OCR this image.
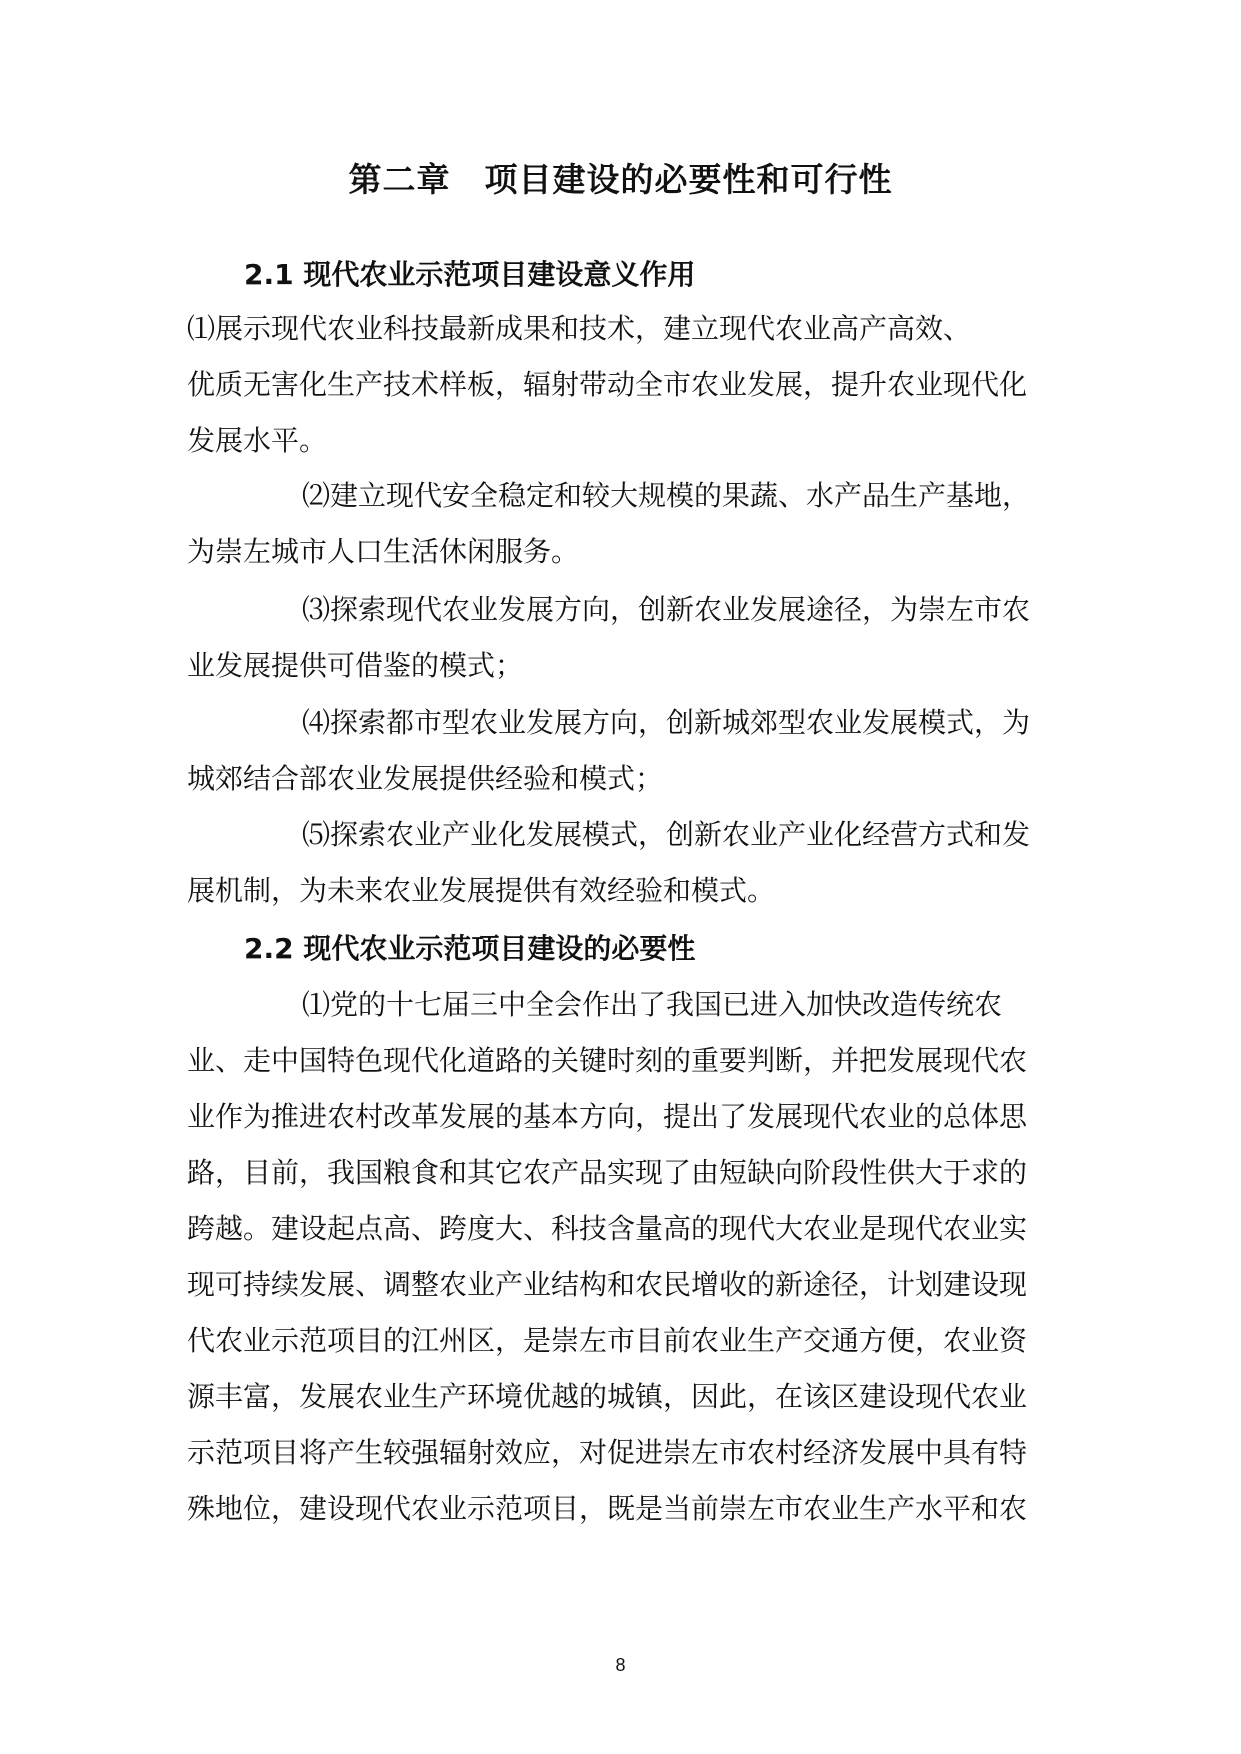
第二章　项目建设的必要性和可行性
2.1 现代农业示范项目建设意义作用

⑴展示现代农业科技最新成果和技术，建立现代农业高产高效、

优质无害化生产技术样板，辐射带动全市农业发展，提升农业现代化

发展水平。

⑵建立现代安全稳定和较大规模的果蔬、水产品生产基地，

为崇左城市人口生活休闲服务。

⑶探索现代农业发展方向，创新农业发展途径，为崇左市农

业发展提供可借鉴的模式；

⑷探索都市型农业发展方向，创新城郊型农业发展模式，为

城郊结合部农业发展提供经验和模式；

⑸探索农业产业化发展模式，创新农业产业化经营方式和发

展机制，为未来农业发展提供有效经验和模式。

2.2 现代农业示范项目建设的必要性

⑴党的十七届三中全会作出了我国已进入加快改造传统农

业、走中国特色现代化道路的关键时刻的重要判断，并把发展现代农

业作为推进农村改革发展的基本方向，提出了发展现代农业的总体思

路，目前，我国粮食和其它农产品实现了由短缺向阶段性供大于求的

跨越。建设起点高、跨度大、科技含量高的现代大农业是现代农业实

现可持续发展、调整农业产业结构和农民增收的新途径，计划建设现

代农业示范项目的江州区，是崇左市目前农业生产交通方便，农业资

源丰富，发展农业生产环境优越的城镇，因此，在该区建设现代农业

示范项目将产生较强辐射效应，对促进崇左市农村经济发展中具有特

殊地位，建设现代农业示范项目，既是当前崇左市农业生产水平和农

8
